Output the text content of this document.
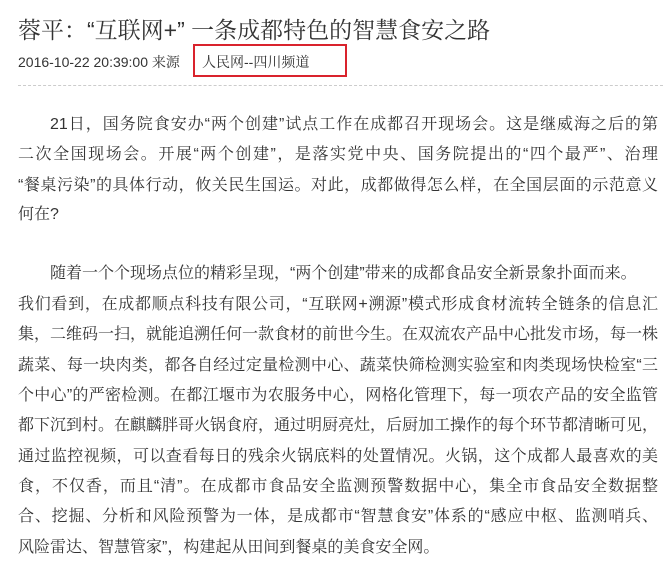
蓉平：“互联网+” 一条成都特色的智慧食安之路
2016-10-22 20:39:00 来源 人民网--四川频道
21日，国务院食安办“两个创建”试点工作在成都召开现场会。这是继威海之后的第
二次全国现场会。开展“两个创建”，是落实党中央、国务院提出的“四个最严”、治理
“餐桌污染”的具体行动，攸关民生国运。对此，成都做得怎么样，在全国层面的示范意义
何在?
随着一个个现场点位的精彩呈现，“两个创建”带来的成都食品安全新景象扑面而来。
我们看到，在成都顺点科技有限公司，“互联网+溯源”模式形成食材流转全链条的信息汇
集，二维码一扫，就能追溯任何一款食材的前世今生。在双流农产品中心批发市场，每一株
蔬菜、每一块肉类，都各自经过定量检测中心、蔬菜快筛检测实验室和肉类现场快检室“三
个中心”的严密检测。在都江堰市为农服务中心，网格化管理下，每一项农产品的安全监管
都下沉到村。在麒麟胖哥火锅食府，通过明厨亮灶，后厨加工操作的每个环节都清晰可见，
通过监控视频，可以查看每日的残余火锅底料的处置情况。火锅，这个成都人最喜欢的美
食，不仅香，而且“清”。在成都市食品安全监测预警数据中心，集全市食品安全数据整
合、挖掘、分析和风险预警为一体，是成都市“智慧食安”体系的“感应中枢、监测哨兵、
风险雷达、智慧管家”，构建起从田间到餐桌的美食安全网。
